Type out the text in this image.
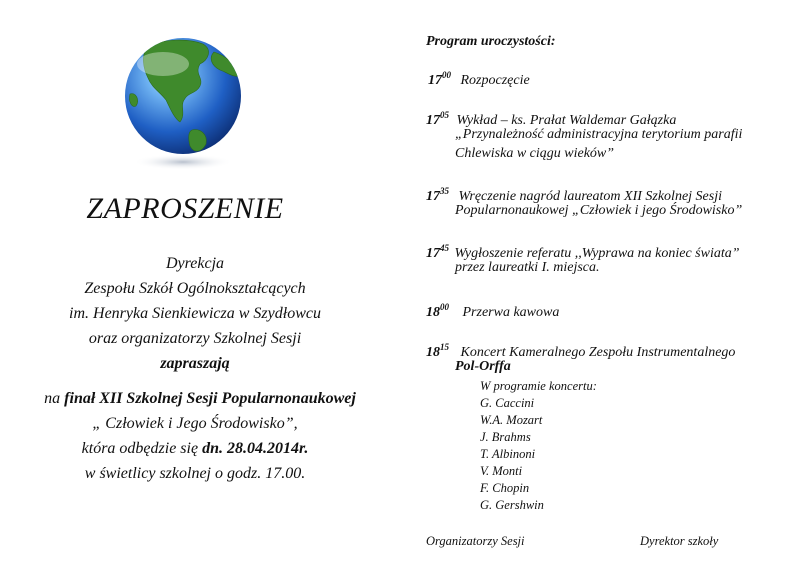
ZAPROSZENIE
Dyrekcja
Zespołu Szkół Ogólnokształcących
im. Henryka Sienkiewicza w Szydłowcu
oraz organizatorzy Szkolnej Sesji
zapraszają
na finał XII Szkolnej Sesji Popularnonaukowej
„ Człowiek i Jego Środowisko”,
która odbędzie się dn. 28.04.2014r.
w świetlicy szkolnej o godz. 17.00.
Program uroczystości:
$17^{00}$ Rozpoczęcie
$17^{05}$ Wykład – ks. Prałat Waldemar Gałązka
„Przynależność administracyjna terytorium parafii
Chlewiska w ciągu wieków”
$17^{35}$ Wręczenie nagród laureatom XII Szkolnej Sesji
Popularnonaukowej „Człowiek i jego Środowisko”
$17^{45}$ Wygłoszenie referatu ,,Wyprawa na koniec świata”
przez laureatki I. miejsca.
$18^{00}$ Przerwa kawowa
$18^{15}$ Koncert Kameralnego Zespołu Instrumentalnego
Pol-Orffa
W programie koncertu:
G. Caccini
W.A. Mozart
J. Brahms
T. Albinoni
V. Monti
F. Chopin
G. Gershwin
Organizatorzy Sesji	Dyrektor szkoły
